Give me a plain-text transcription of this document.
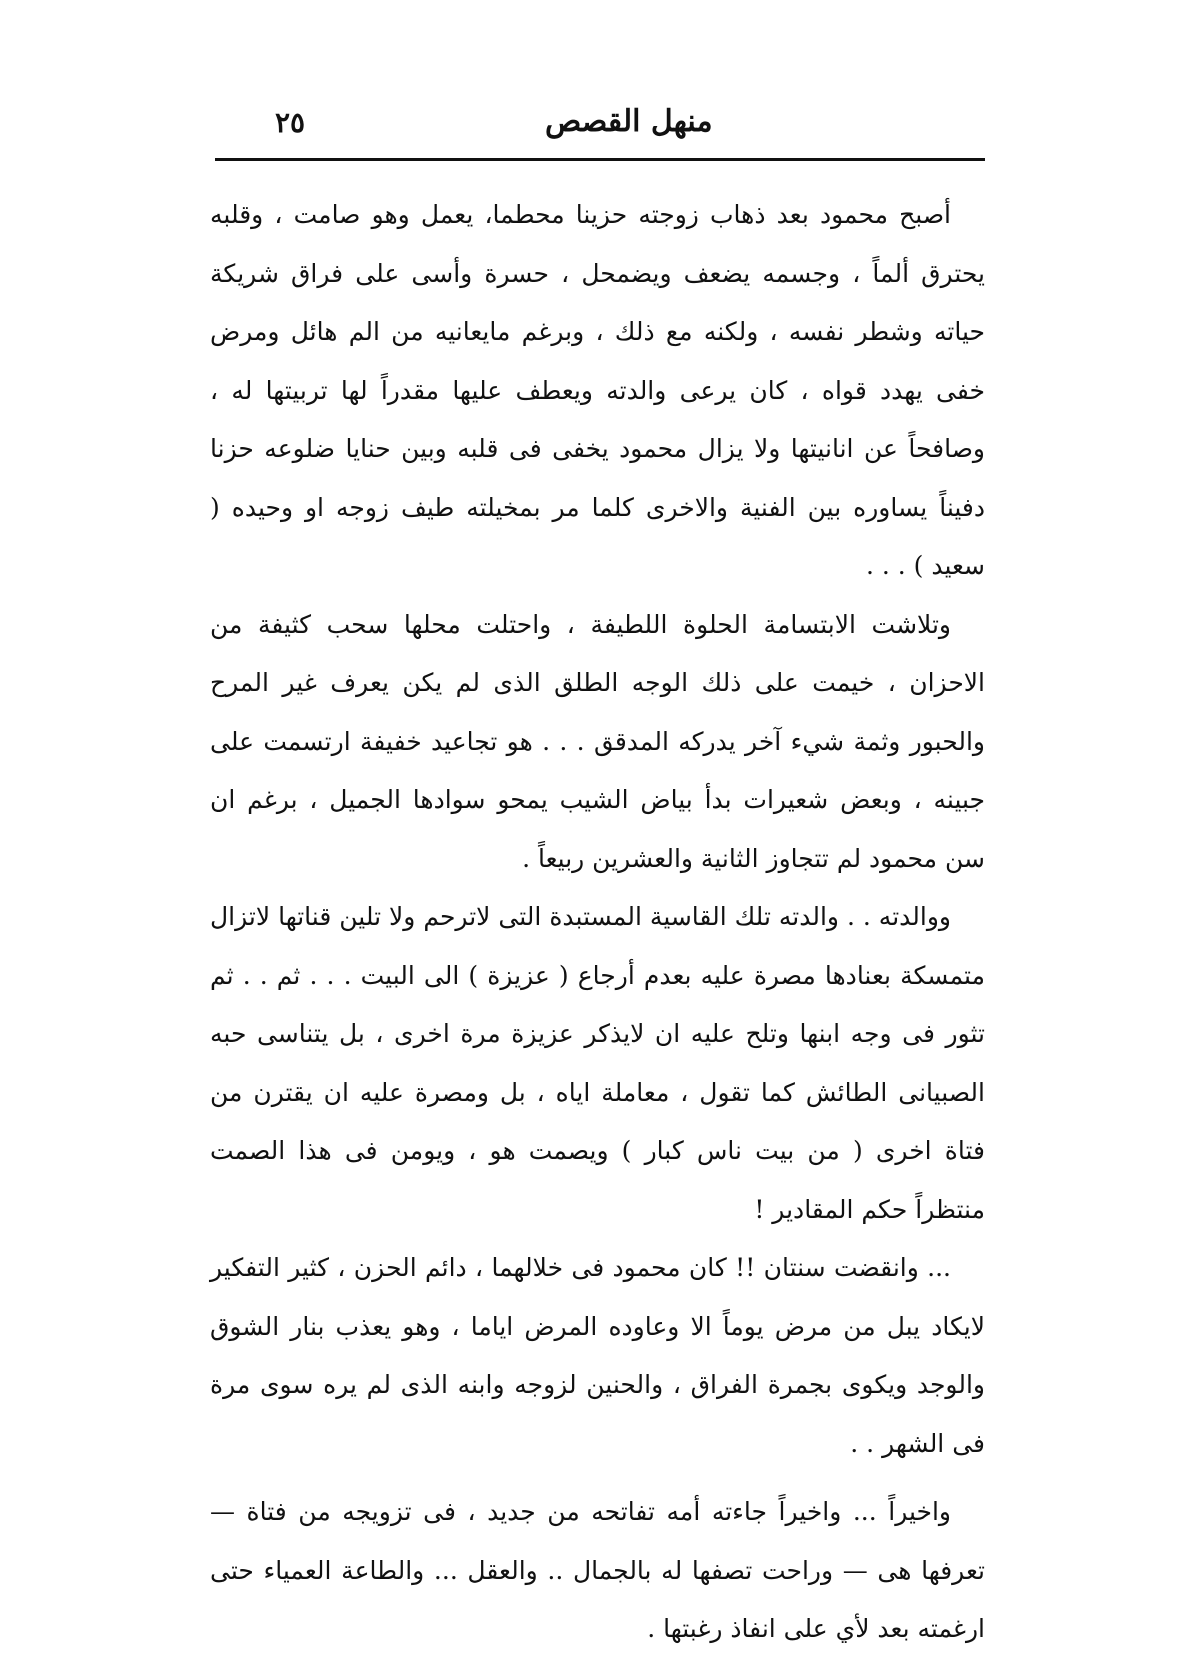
٢٥	منهل القصص

أصبح محمود بعد ذهاب زوجته حزينا محطما، يعمل وهو صامت ، وقلبه يحترق ألماً ، وجسمه يضعف ويضمحل ، حسرة وأسى على فراق شريكة حياته وشطر نفسه ، ولكنه مع ذلك ، وبرغم مايعانيه من الم هائل ومرض خفى يهدد قواه ، كان يرعى والدته ويعطف عليها مقدراً لها تربيتها له ، وصافحاً عن انانيتها ولا يزال محمود يخفى فى قلبه وبين حنايا ضلوعه حزنا دفيناً يساوره بين الفنية والاخرى كلما مر بمخيلته طيف زوجه او وحيده ( سعيد ) . . .

وتلاشت الابتسامة الحلوة اللطيفة ، واحتلت محلها سحب كثيفة من الاحزان ، خيمت على ذلك الوجه الطلق الذى لم يكن يعرف غير المرح والحبور وثمة شيء آخر يدركه المدقق . . . هو تجاعيد خفيفة ارتسمت على جبينه ، وبعض شعيرات بدأ بياض الشيب يمحو سوادها الجميل ، برغم ان سن محمود لم تتجاوز الثانية والعشرين ربيعاً .

ووالدته . . والدته تلك القاسية المستبدة التى لاترحم ولا تلين قناتها لاتزال متمسكة بعنادها مصرة عليه بعدم أرجاع ( عزيزة ) الى البيت . . . ثم . . ثم تثور فى وجه ابنها وتلح عليه ان لايذكر عزيزة مرة اخرى ، بل يتناسى حبه الصبيانى الطائش كما تقول ، معاملة اياه ، بل ومصرة عليه ان يقترن من فتاة اخرى ( من بيت ناس كبار ) ويصمت هو ، ويومن فى هذا الصمت منتظراً حكم المقادير !

... وانقضت سنتان !! كان محمود فى خلالهما ، دائم الحزن ، كثير التفكير لايكاد يبل من مرض يوماً الا وعاوده المرض اياما ، وهو يعذب بنار الشوق والوجد ويكوى بجمرة الفراق ، والحنين لزوجه وابنه الذى لم يره سوى مرة فى الشهر . .

واخيراً ... واخيراً جاءته أمه تفاتحه من جديد ، فى تزويجه من فتاة — تعرفها هى — وراحت تصفها له بالجمال .. والعقل ... والطاعة العمياء حتى ارغمته بعد لأي على انفاذ رغبتها .
